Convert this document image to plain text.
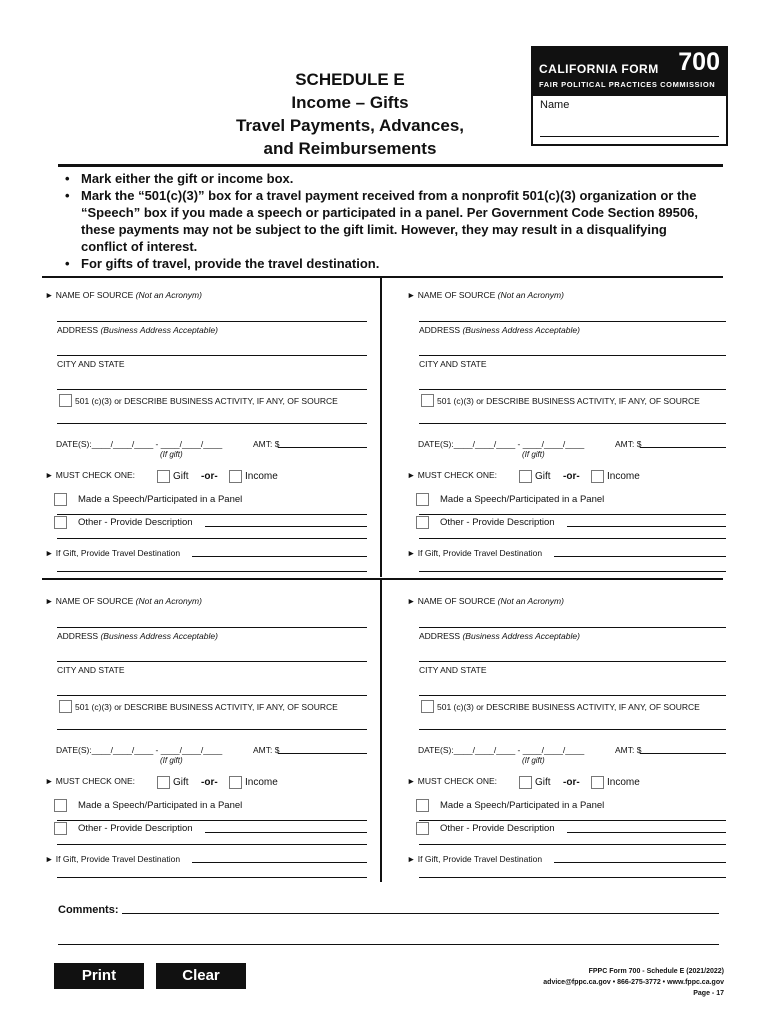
SCHEDULE E
Income – Gifts
Travel Payments, Advances,
and Reimbursements
CALIFORNIA FORM 700
FAIR POLITICAL PRACTICES COMMISSION
Name
• Mark either the gift or income box.
• Mark the “501(c)(3)” box for a travel payment received from a nonprofit 501(c)(3) organization or the “Speech” box if you made a speech or participated in a panel. Per Government Code Section 89506, these payments may not be subject to the gift limit. However, they may result in a disqualifying conflict of interest.
• For gifts of travel, provide the travel destination.
► NAME OF SOURCE (Not an Acronym)
ADDRESS (Business Address Acceptable)
CITY AND STATE
501 (c)(3) or DESCRIBE BUSINESS ACTIVITY, IF ANY, OF SOURCE
DATE(S):____/____/____ - ____/____/____	AMT: $
(If gift)
► MUST CHECK ONE:	Gift -or-	Income
Made a Speech/Participated in a Panel
Other - Provide Description
► If Gift, Provide Travel Destination
► NAME OF SOURCE (Not an Acronym)
ADDRESS (Business Address Acceptable)
CITY AND STATE
501 (c)(3) or DESCRIBE BUSINESS ACTIVITY, IF ANY, OF SOURCE
DATE(S):____/____/____ - ____/____/____	AMT: $
(If gift)
► MUST CHECK ONE:	Gift -or-	Income
Made a Speech/Participated in a Panel
Other - Provide Description
► If Gift, Provide Travel Destination
► NAME OF SOURCE (Not an Acronym)
ADDRESS (Business Address Acceptable)
CITY AND STATE
501 (c)(3) or DESCRIBE BUSINESS ACTIVITY, IF ANY, OF SOURCE
DATE(S):____/____/____ - ____/____/____	AMT: $
(If gift)
► MUST CHECK ONE:	Gift -or-	Income
Made a Speech/Participated in a Panel
Other - Provide Description
► If Gift, Provide Travel Destination
► NAME OF SOURCE (Not an Acronym)
ADDRESS (Business Address Acceptable)
CITY AND STATE
501 (c)(3) or DESCRIBE BUSINESS ACTIVITY, IF ANY, OF SOURCE
DATE(S):____/____/____ - ____/____/____	AMT: $
(If gift)
► MUST CHECK ONE:	Gift -or-	Income
Made a Speech/Participated in a Panel
Other - Provide Description
► If Gift, Provide Travel Destination
Comments:
Print	Clear	FPPC Form 700 - Schedule E (2021/2022)
advice@fppc.ca.gov • 866-275-3772 • www.fppc.ca.gov
Page - 17
